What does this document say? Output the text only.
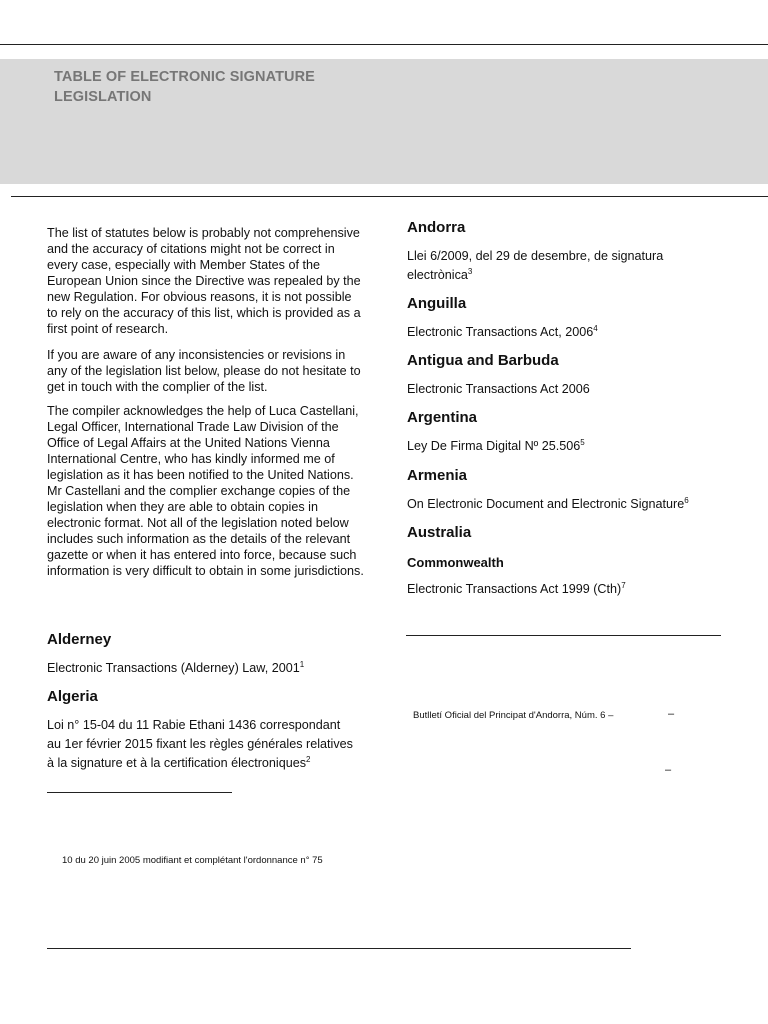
TABLE OF ELECTRONIC SIGNATURE
LEGISLATION

The list of statutes below is probably not comprehensive and the accuracy of citations might not be correct in every case, especially with Member States of the European Union since the Directive was repealed by the new Regulation. For obvious reasons, it is not possible to rely on the accuracy of this list, which is provided as a first point of research.

If you are aware of any inconsistencies or revisions in any of the legislation list below, please do not hesitate to get in touch with the complier of the list.

The compiler acknowledges the help of Luca Castellani, Legal Officer, International Trade Law Division of the Office of Legal Affairs at the United Nations Vienna International Centre, who has kindly informed me of legislation as it has been notified to the United Nations. Mr Castellani and the complier exchange copies of the legislation when they are able to obtain copies in electronic format. Not all of the legislation noted below includes such information as the details of the relevant gazette or when it has entered into force, because such information is very difficult to obtain in some jurisdictions.

Alderney

Electronic Transactions (Alderney) Law, 2001$^1$

Algeria

Loi n° 15-04 du 11 Rabie Ethani 1436 correspondant

au 1er février 2015 fixant les règles générales relatives

à la signature et à la certification électroniques$^2$

10 du 20 juin 2005 modifiant et complétant l'ordonnance n° 75

Andorra

Llei 6/2009, del 29 de desembre, de signatura

electrònica$^3$

Anguilla

Electronic Transactions Act, 2006$^4$

Antigua and Barbuda

Electronic Transactions Act 2006

Argentina

Ley De Firma Digital Nº 25.506$^5$

Armenia

On Electronic Document and Electronic Signature$^6$

Australia
Commonwealth

Electronic Transactions Act 1999 (Cth)$^7$

Butlletí Oficial del Principat d'Andorra, Núm. 6 –	–
–
